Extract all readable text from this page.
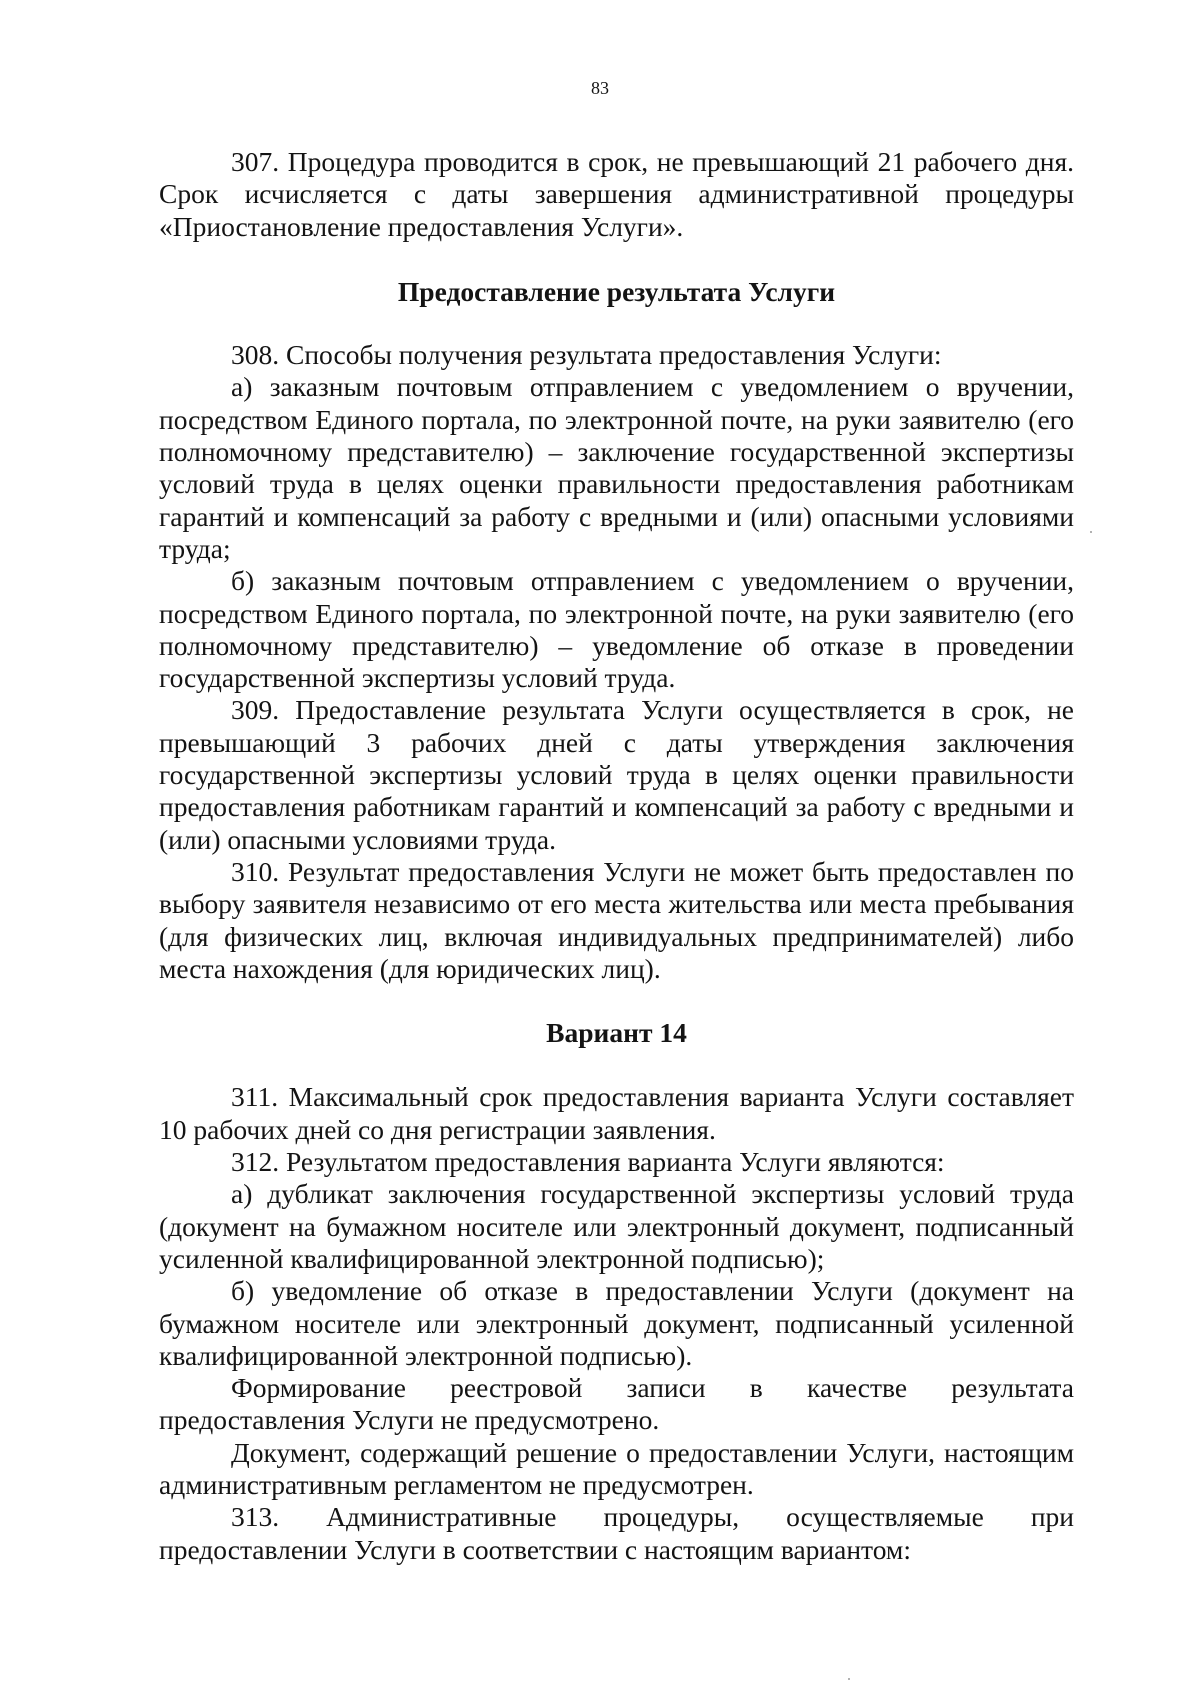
83

307. Процедура проводится в срок, не превышающий 21 рабочего дня. Срок исчисляется с даты завершения административной процедуры «Приостановление предоставления Услуги».

Предоставление результата Услуги

308. Способы получения результата предоставления Услуги:

а) заказным почтовым отправлением с уведомлением о вручении, посредством Единого портала, по электронной почте, на руки заявителю (его полномочному представителю) – заключение государственной экспертизы условий труда в целях оценки правильности предоставления работникам гарантий и компенсаций за работу с вредными и (или) опасными условиями труда;

б) заказным почтовым отправлением с уведомлением о вручении, посредством Единого портала, по электронной почте, на руки заявителю (его полномочному представителю) – уведомление об отказе в проведении государственной экспертизы условий труда.

309. Предоставление результата Услуги осуществляется в срок, не превышающий 3 рабочих дней с даты утверждения заключения государственной экспертизы условий труда в целях оценки правильности предоставления работникам гарантий и компенсаций за работу с вредными и (или) опасными условиями труда.

310. Результат предоставления Услуги не может быть предоставлен по выбору заявителя независимо от его места жительства или места пребывания (для физических лиц, включая индивидуальных предпринимателей) либо места нахождения (для юридических лиц).

Вариант 14

311. Максимальный срок предоставления варианта Услуги составляет 10 рабочих дней со дня регистрации заявления.

312. Результатом предоставления варианта Услуги являются:

а) дубликат заключения государственной экспертизы условий труда (документ на бумажном носителе или электронный документ, подписанный усиленной квалифицированной электронной подписью);

б) уведомление об отказе в предоставлении Услуги (документ на бумажном носителе или электронный документ, подписанный усиленной квалифицированной электронной подписью).

Формирование реестровой записи в качестве результата предоставления Услуги не предусмотрено.

Документ, содержащий решение о предоставлении Услуги, настоящим административным регламентом не предусмотрен.

313. Административные процедуры, осуществляемые при предоставлении Услуги в соответствии с настоящим вариантом:
